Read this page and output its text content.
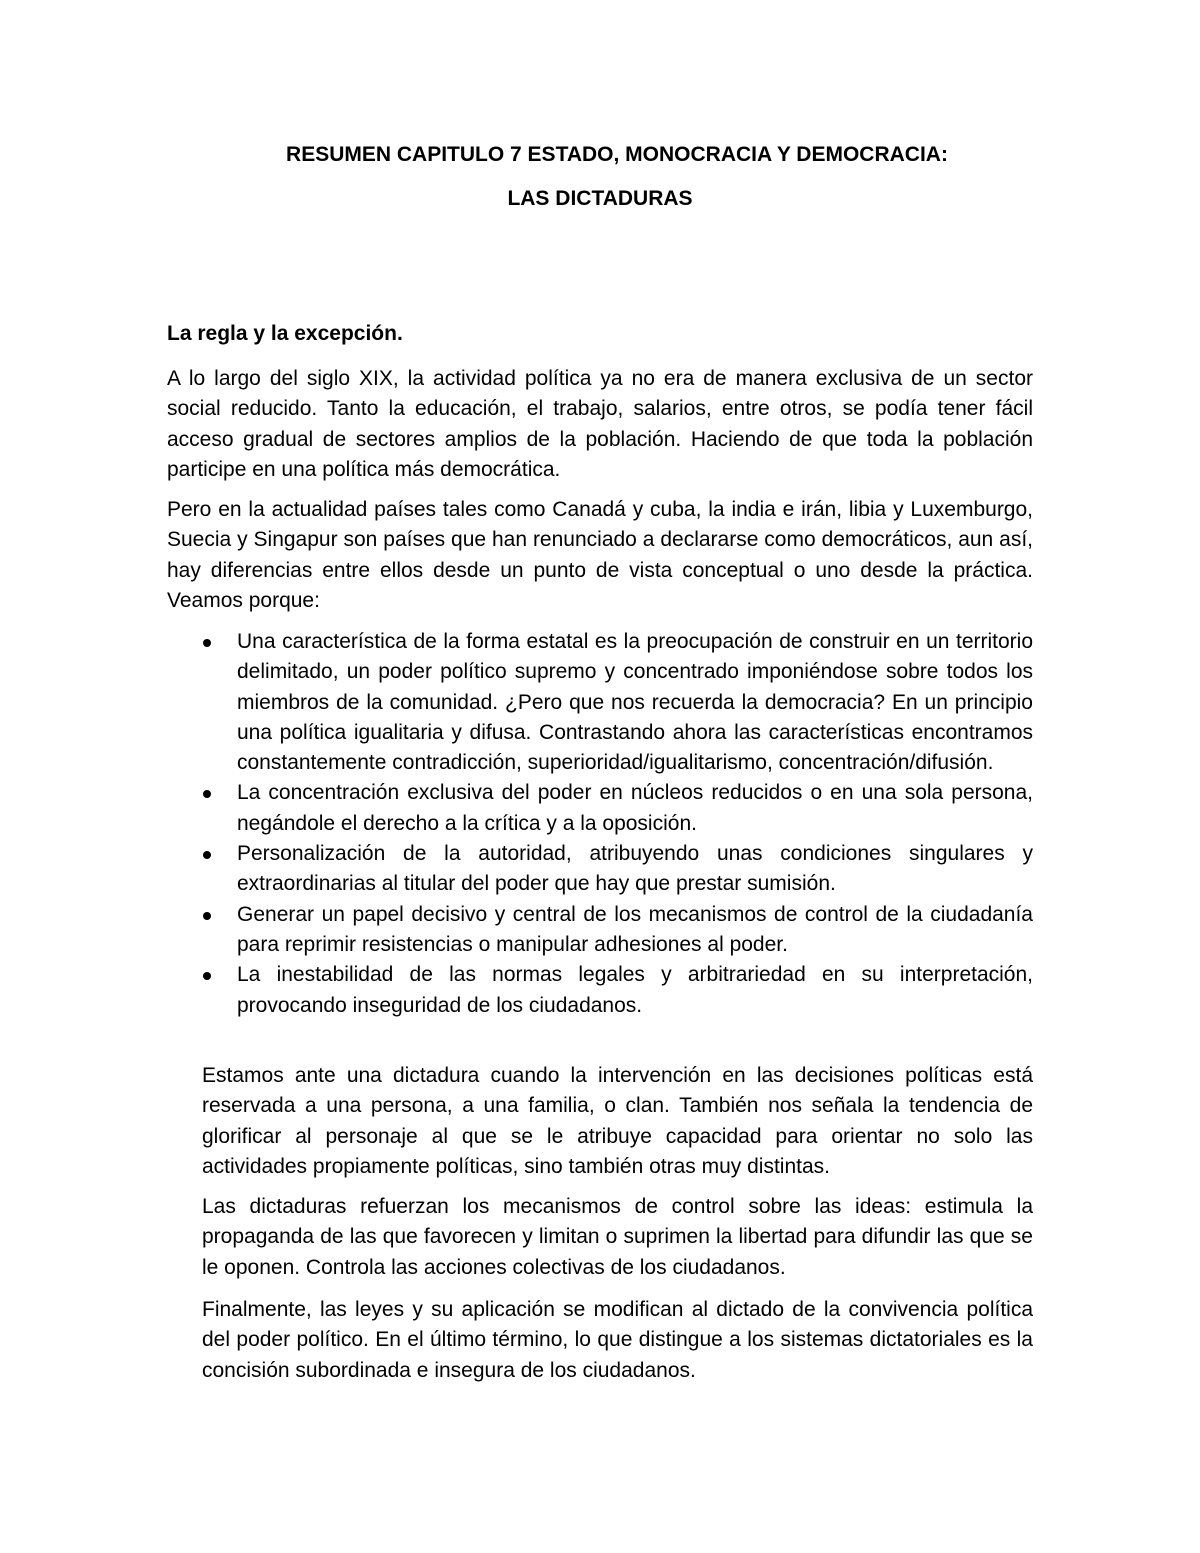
RESUMEN CAPITULO 7 ESTADO, MONOCRACIA Y DEMOCRACIA:

LAS DICTADURAS

La regla y la excepción.

A lo largo del siglo XIX, la actividad política ya no era de manera exclusiva de un sector social reducido. Tanto la educación, el trabajo, salarios, entre otros, se podía tener fácil acceso gradual de sectores amplios de la población. Haciendo de que toda la población participe en una política más democrática.

Pero en la actualidad países tales como Canadá y cuba, la india e irán, libia y Luxemburgo, Suecia y Singapur son países que han renunciado a declararse como democráticos, aun así, hay diferencias entre ellos desde un punto de vista conceptual o uno desde la práctica. Veamos porque:

Una característica de la forma estatal es la preocupación de construir en un territorio delimitado, un poder político supremo y concentrado imponiéndose sobre todos los miembros de la comunidad. ¿Pero que nos recuerda la democracia? En un principio una política igualitaria y difusa. Contrastando ahora las características encontramos constantemente contradicción, superioridad/igualitarismo, concentración/difusión.
La concentración exclusiva del poder en núcleos reducidos o en una sola persona, negándole el derecho a la crítica y a la oposición.
Personalización de la autoridad, atribuyendo unas condiciones singulares y extraordinarias al titular del poder que hay que prestar sumisión.
Generar un papel decisivo y central de los mecanismos de control de la ciudadanía para reprimir resistencias o manipular adhesiones al poder.
La inestabilidad de las normas legales y arbitrariedad en su interpretación, provocando inseguridad de los ciudadanos.

Estamos ante una dictadura cuando la intervención en las decisiones políticas está reservada a una persona, a una familia, o clan. También nos señala la tendencia de glorificar al personaje al que se le atribuye capacidad para orientar no solo las actividades propiamente políticas, sino también otras muy distintas.

Las dictaduras refuerzan los mecanismos de control sobre las ideas: estimula la propaganda de las que favorecen y limitan o suprimen la libertad para difundir las que se le oponen. Controla las acciones colectivas de los ciudadanos.

Finalmente, las leyes y su aplicación se modifican al dictado de la convivencia política del poder político. En el último término, lo que distingue a los sistemas dictatoriales es la concisión subordinada e insegura de los ciudadanos.
